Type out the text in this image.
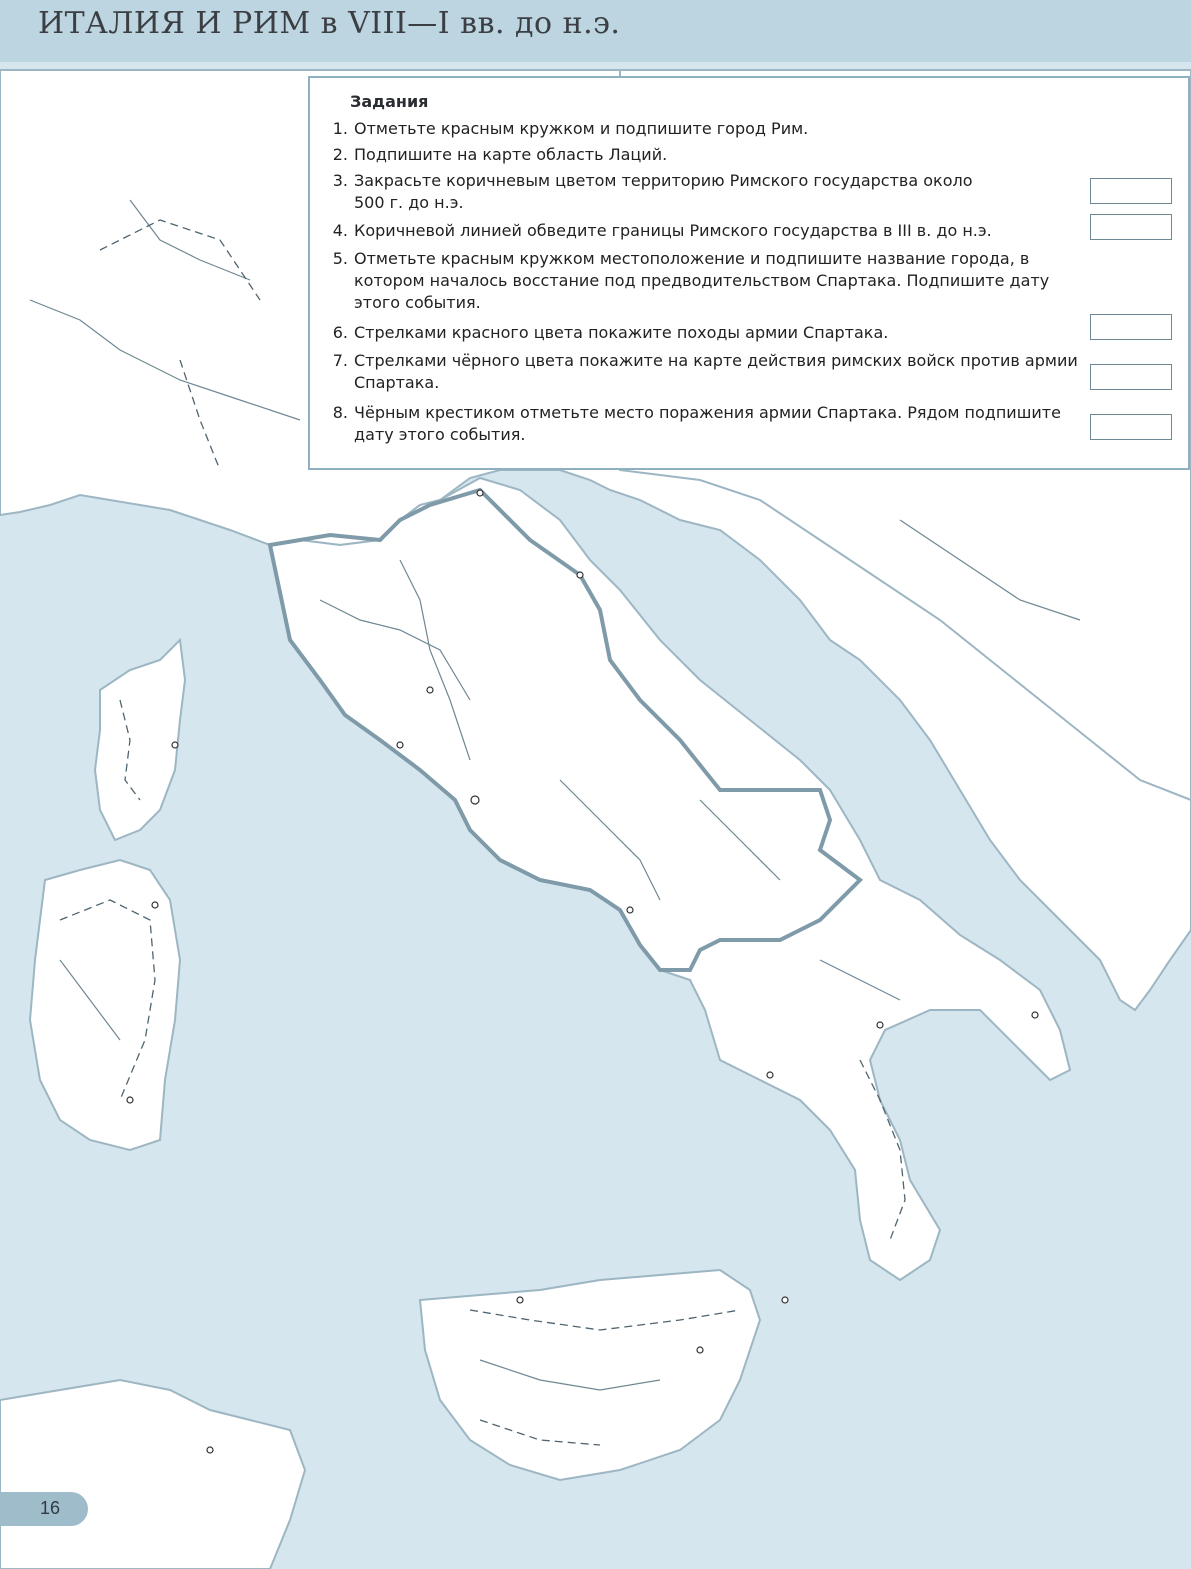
ИТАЛИЯ И РИМ в VIII—I вв. до н.э.
Задания
1. Отметьте красным кружком и подпишите город Рим.
2. Подпишите на карте область Лаций.
3. Закрасьте коричневым цветом территорию Римского государства около 500 г. до н.э.
4. Коричневой линией обведите границы Римского государства в III в. до н.э.
5. Отметьте красным кружком местоположение и подпишите название города, в котором началось восстание под предводительством Спартака. Подпишите дату этого события.
6. Стрелками красного цвета покажите походы армии Спартака.
7. Стрелками чёрного цвета покажите на карте действия римских войск против армии Спартака.
8. Чёрным крестиком отметьте место поражения армии Спартака. Рядом подпишите дату этого события.
16
